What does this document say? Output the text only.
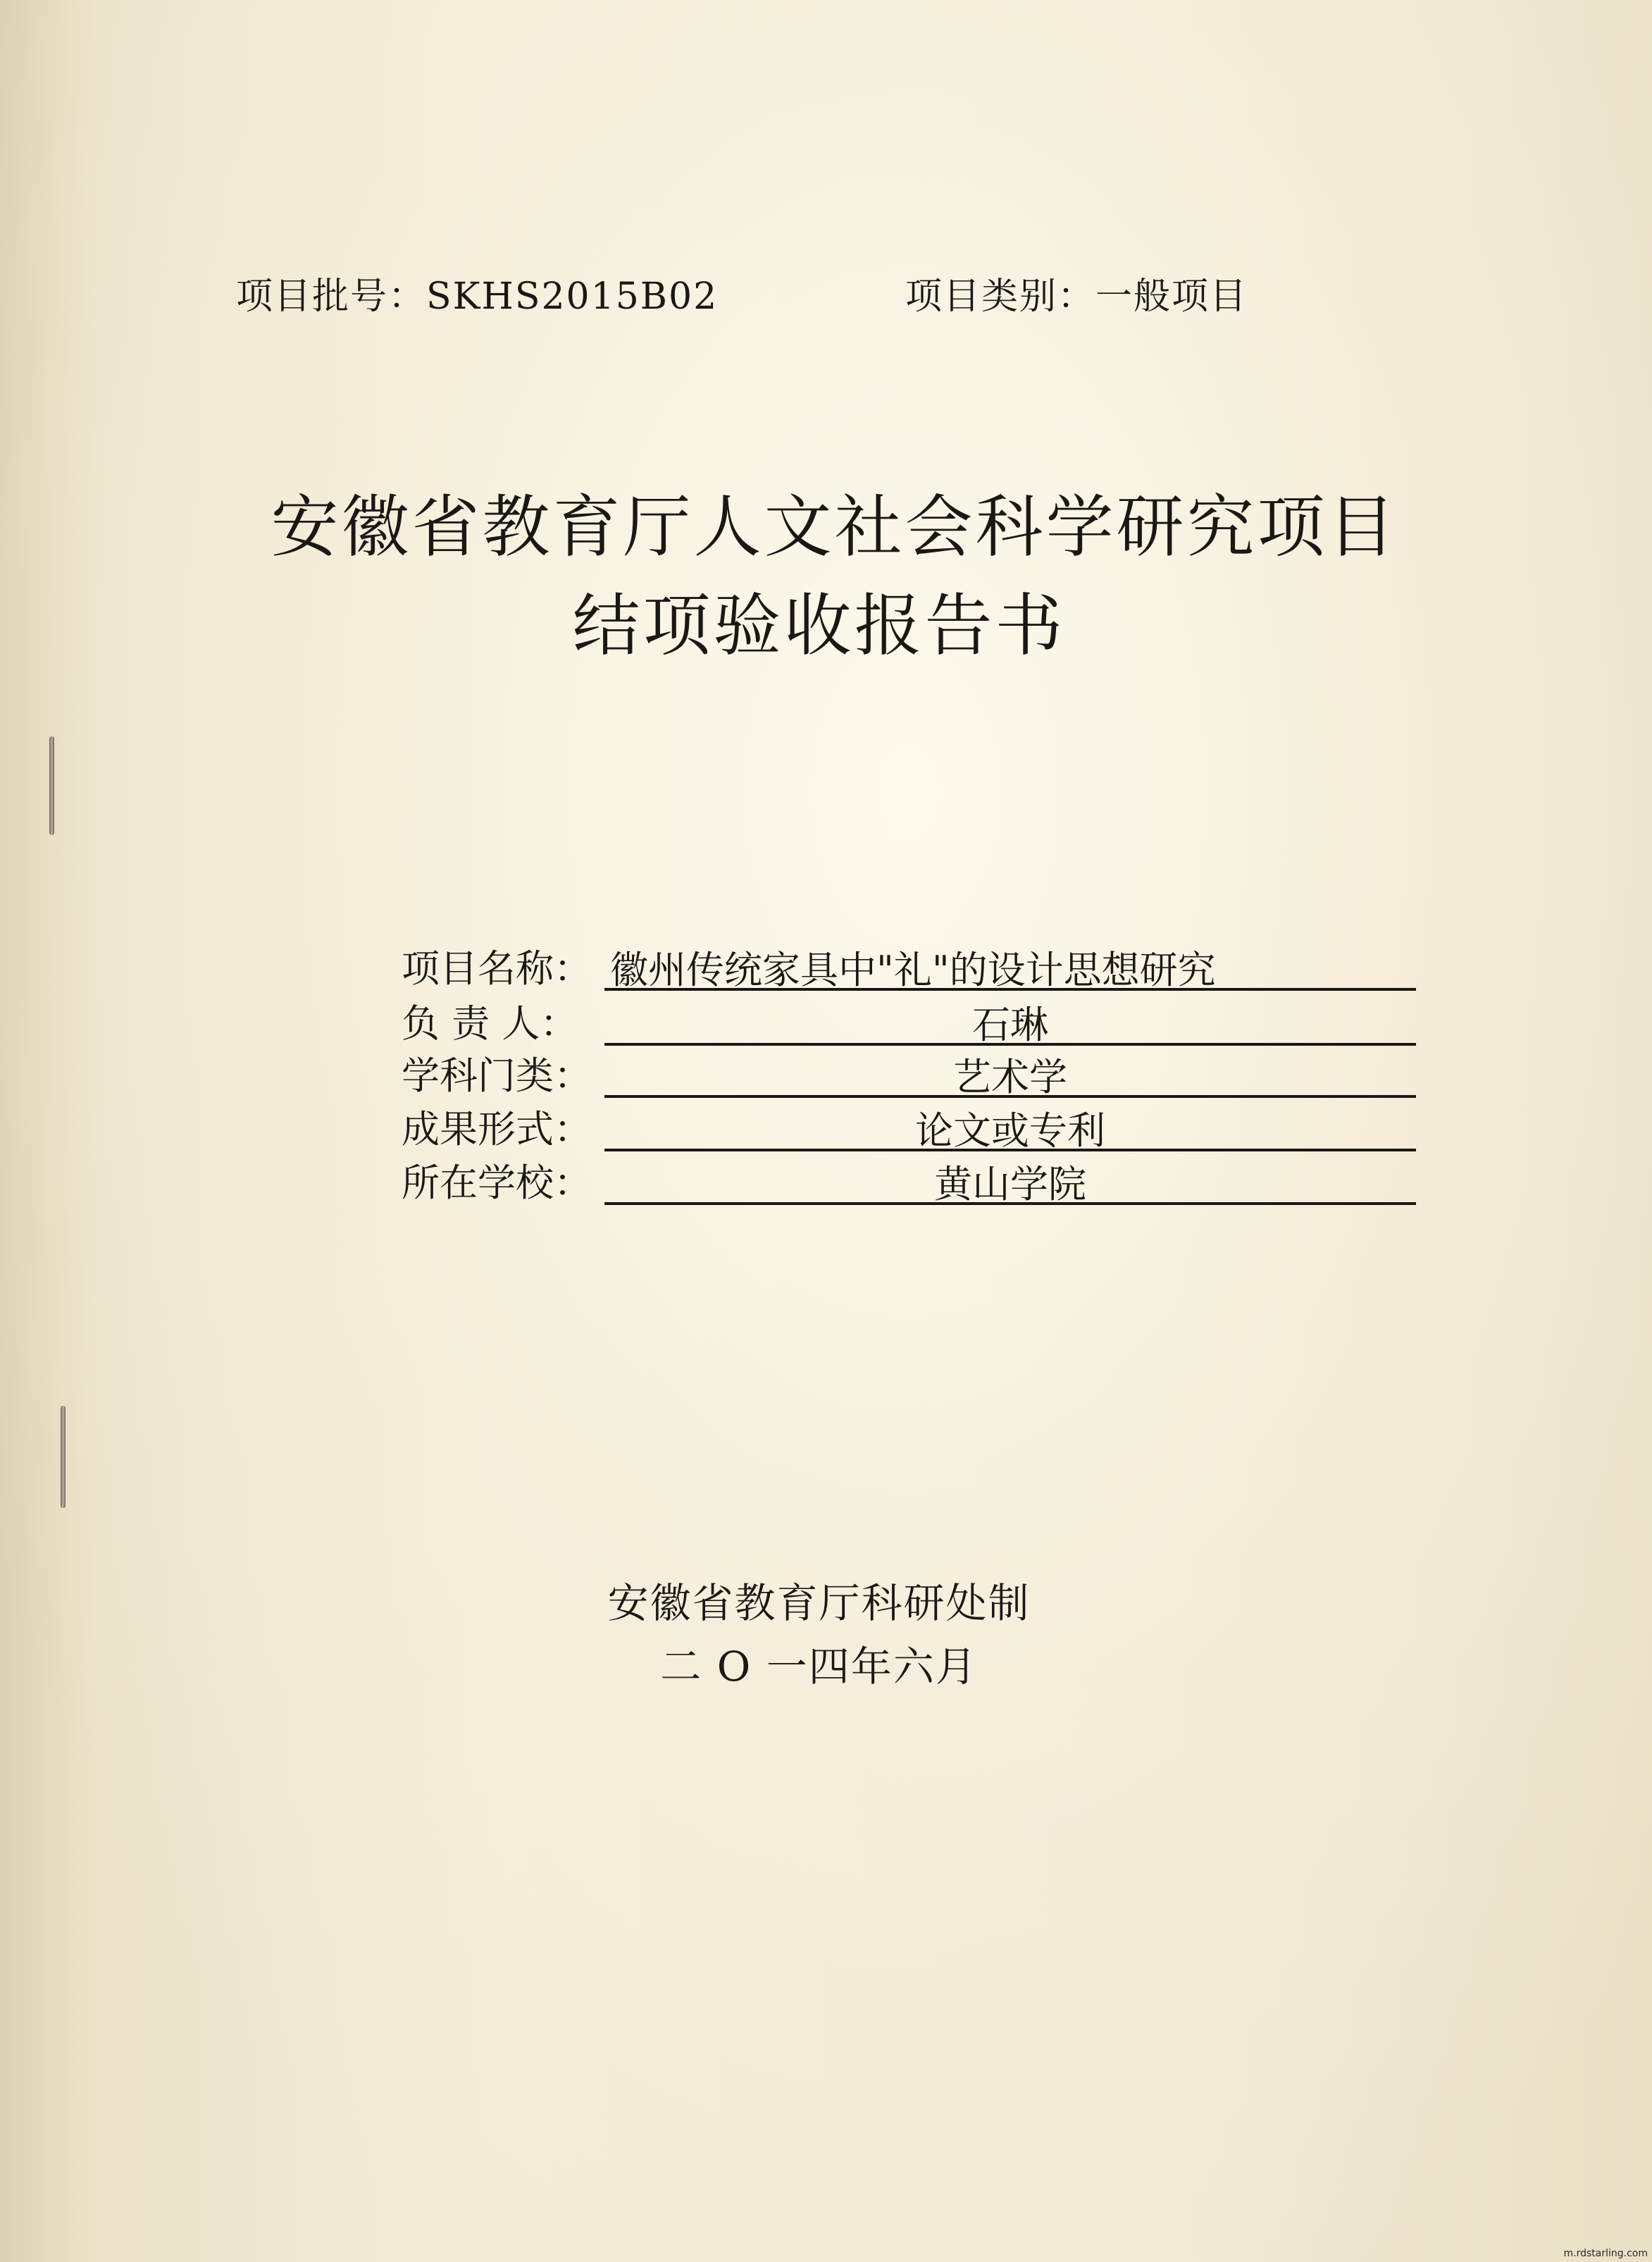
项目批号：SKHS2015B02	项目类别：一般项目
安徽省教育厅人文社会科学研究项目
结项验收报告书
项目名称： 徽州传统家具中"礼"的设计思想研究
负 责 人：	石琳
学科门类：	艺术学
成果形式：	论文或专利
所在学校：	黄山学院
安徽省教育厅科研处制
二 O 一四年六月
m.rdstarling.com
